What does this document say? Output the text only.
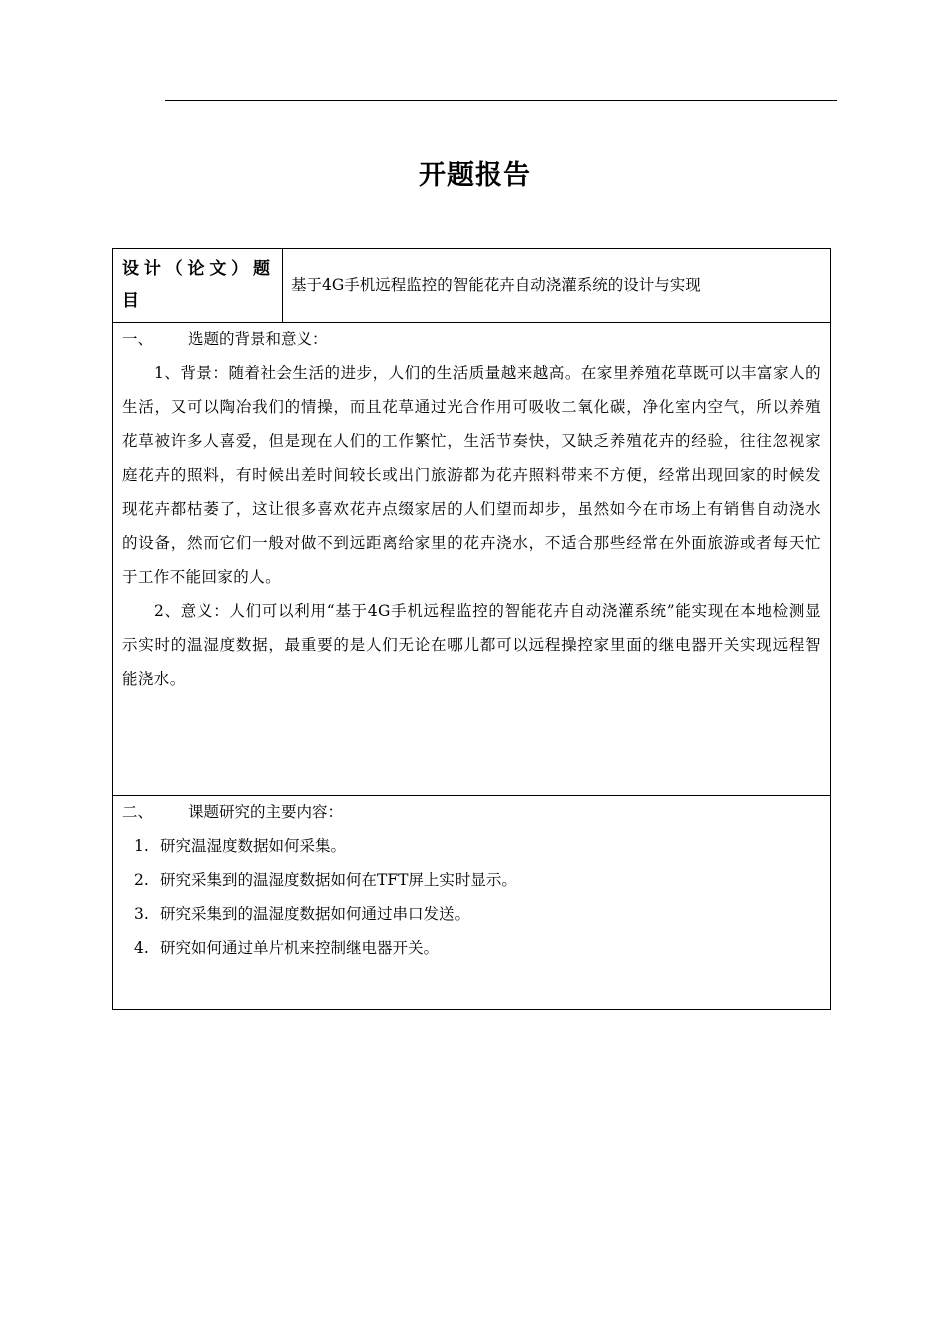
开题报告
设计（论文）题目
基于4G手机远程监控的智能花卉自动浇灌系统的设计与实现
一、 选题的背景和意义：

1、背景：随着社会生活的进步，人们的生活质量越来越高。在家里养殖花草既可以丰富家人的生活，又可以陶冶我们的情操，而且花草通过光合作用可吸收二氧化碳，净化室内空气，所以养殖花草被许多人喜爱，但是现在人们的工作繁忙，生活节奏快，又缺乏养殖花卉的经验，往往忽视家庭花卉的照料，有时候出差时间较长或出门旅游都为花卉照料带来不方便，经常出现回家的时候发现花卉都枯萎了，这让很多喜欢花卉点缀家居的人们望而却步，虽然如今在市场上有销售自动浇水的设备，然而它们一般对做不到远距离给家里的花卉浇水，不适合那些经常在外面旅游或者每天忙于工作不能回家的人。

2、意义：人们可以利用“基于4G手机远程监控的智能花卉自动浇灌系统”能实现在本地检测显示实时的温湿度数据，最重要的是人们无论在哪儿都可以远程操控家里面的继电器开关实现远程智能浇水。

二、 课题研究的主要内容：
1. 研究温湿度数据如何采集。
2. 研究采集到的温湿度数据如何在TFT屏上实时显示。
3. 研究采集到的温湿度数据如何通过串口发送。
4. 研究如何通过单片机来控制继电器开关。
